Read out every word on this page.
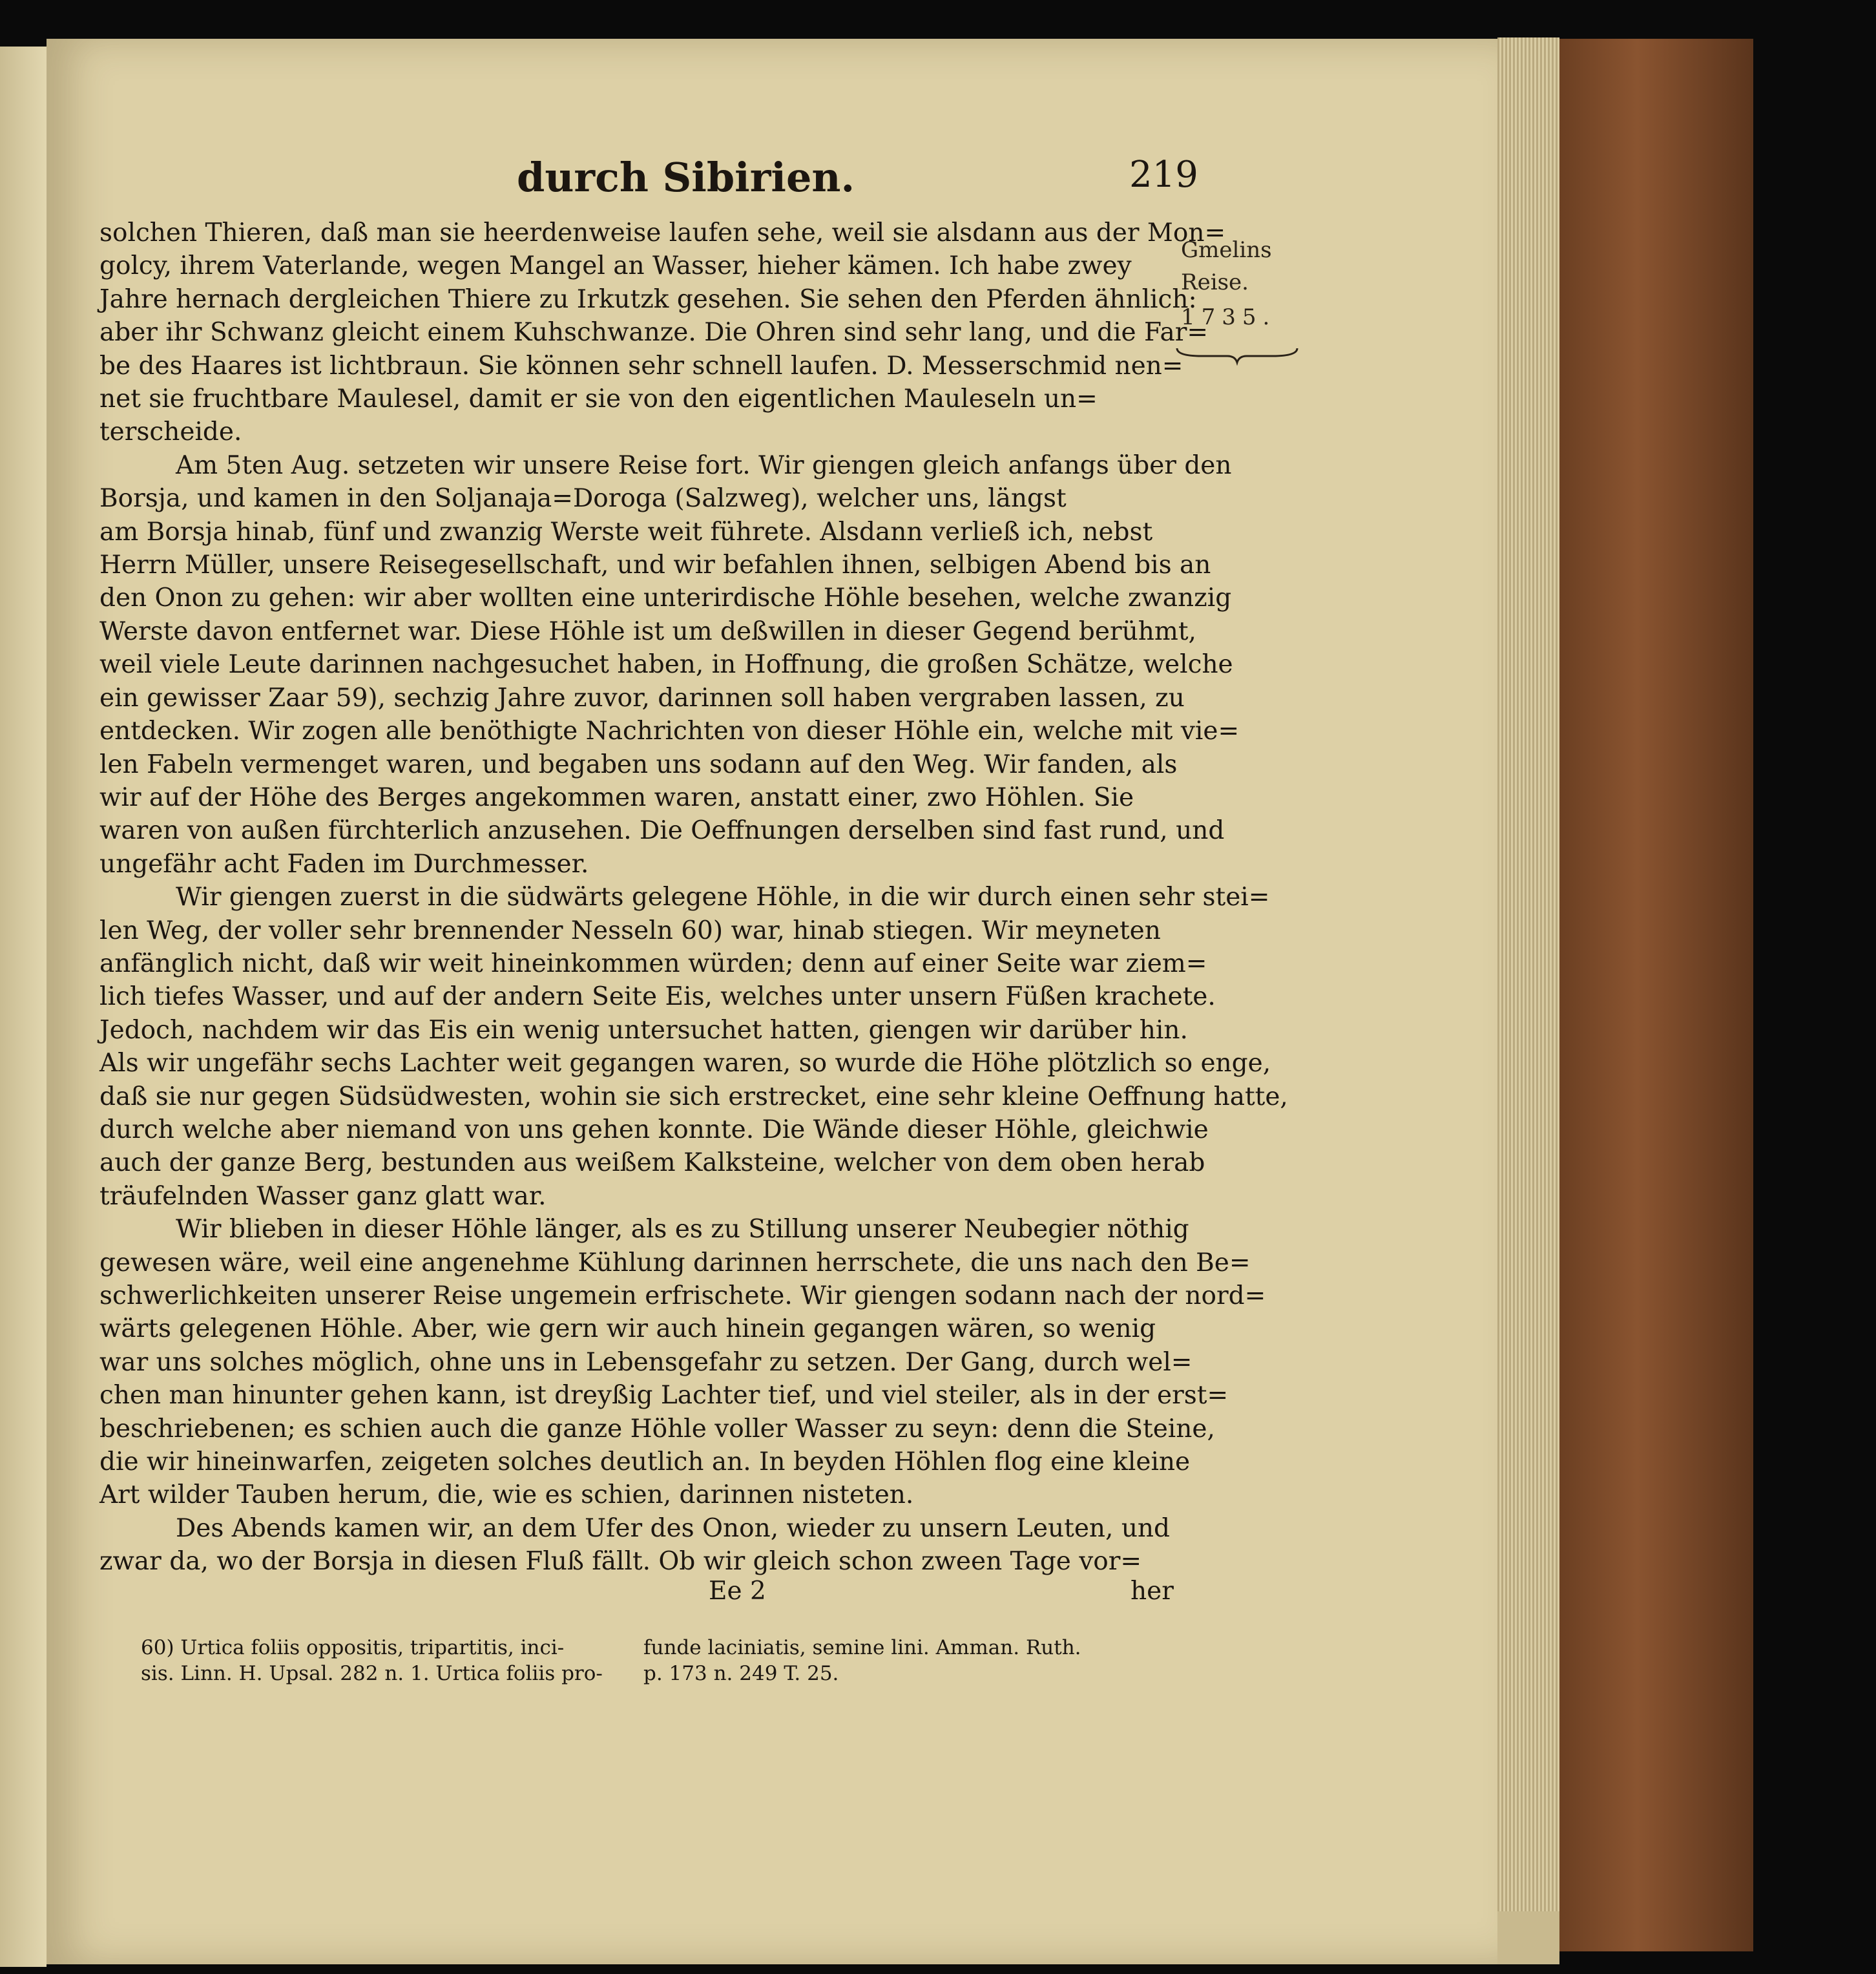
durch Sibirien.	219
Gmelins
Reise.
1735.
solchen Thieren, daß man sie heerdenweise laufen sehe, weil sie alsdann aus der Mon=
golcy, ihrem Vaterlande, wegen Mangel an Wasser, hieher kämen. Ich habe zwey
Jahre hernach dergleichen Thiere zu Irkutzk gesehen. Sie sehen den Pferden ähnlich:
aber ihr Schwanz gleicht einem Kuhschwanze. Die Ohren sind sehr lang, und die Far=
be des Haares ist lichtbraun. Sie können sehr schnell laufen. D. Messerschmid nen=
net sie fruchtbare Maulesel, damit er sie von den eigentlichen Mauleseln un=
terscheide.
Am 5ten Aug. setzeten wir unsere Reise fort. Wir giengen gleich anfangs über den
Borsja, und kamen in den Soljanaja=Doroga (Salzweg), welcher uns, längst
am Borsja hinab, fünf und zwanzig Werste weit führete. Alsdann verließ ich, nebst
Herrn Müller, unsere Reisegesellschaft, und wir befahlen ihnen, selbigen Abend bis an
den Onon zu gehen: wir aber wollten eine unterirdische Höhle besehen, welche zwanzig
Werste davon entfernet war. Diese Höhle ist um deßwillen in dieser Gegend berühmt,
weil viele Leute darinnen nachgesuchet haben, in Hoffnung, die großen Schätze, welche
ein gewisser Zaar 59), sechzig Jahre zuvor, darinnen soll haben vergraben lassen, zu
entdecken. Wir zogen alle benöthigte Nachrichten von dieser Höhle ein, welche mit vie=
len Fabeln vermenget waren, und begaben uns sodann auf den Weg. Wir fanden, als
wir auf der Höhe des Berges angekommen waren, anstatt einer, zwo Höhlen. Sie
waren von außen fürchterlich anzusehen. Die Oeffnungen derselben sind fast rund, und
ungefähr acht Faden im Durchmesser.
Wir giengen zuerst in die südwärts gelegene Höhle, in die wir durch einen sehr stei=
len Weg, der voller sehr brennender Nesseln 60) war, hinab stiegen. Wir meyneten
anfänglich nicht, daß wir weit hineinkommen würden; denn auf einer Seite war ziem=
lich tiefes Wasser, und auf der andern Seite Eis, welches unter unsern Füßen krachete.
Jedoch, nachdem wir das Eis ein wenig untersuchet hatten, giengen wir darüber hin.
Als wir ungefähr sechs Lachter weit gegangen waren, so wurde die Höhe plötzlich so enge,
daß sie nur gegen Südsüdwesten, wohin sie sich erstrecket, eine sehr kleine Oeffnung hatte,
durch welche aber niemand von uns gehen konnte. Die Wände dieser Höhle, gleichwie
auch der ganze Berg, bestunden aus weißem Kalksteine, welcher von dem oben herab
träufelnden Wasser ganz glatt war.
Wir blieben in dieser Höhle länger, als es zu Stillung unserer Neubegier nöthig
gewesen wäre, weil eine angenehme Kühlung darinnen herrschete, die uns nach den Be=
schwerlichkeiten unserer Reise ungemein erfrischete. Wir giengen sodann nach der nord=
wärts gelegenen Höhle. Aber, wie gern wir auch hinein gegangen wären, so wenig
war uns solches möglich, ohne uns in Lebensgefahr zu setzen. Der Gang, durch wel=
chen man hinunter gehen kann, ist dreyßig Lachter tief, und viel steiler, als in der erst=
beschriebenen; es schien auch die ganze Höhle voller Wasser zu seyn: denn die Steine,
die wir hineinwarfen, zeigeten solches deutlich an. In beyden Höhlen flog eine kleine
Art wilder Tauben herum, die, wie es schien, darinnen nisteten.
Des Abends kamen wir, an dem Ufer des Onon, wieder zu unsern Leuten, und
zwar da, wo der Borsja in diesen Fluß fällt. Ob wir gleich schon zween Tage vor=
Ee 2	her
60) Urtica foliis oppositis, tripartitis, inci-
sis. Linn. H. Upsal. 282 n. 1. Urtica foliis pro-
funde laciniatis, semine lini. Amman. Ruth.
p. 173 n. 249 T. 25.
